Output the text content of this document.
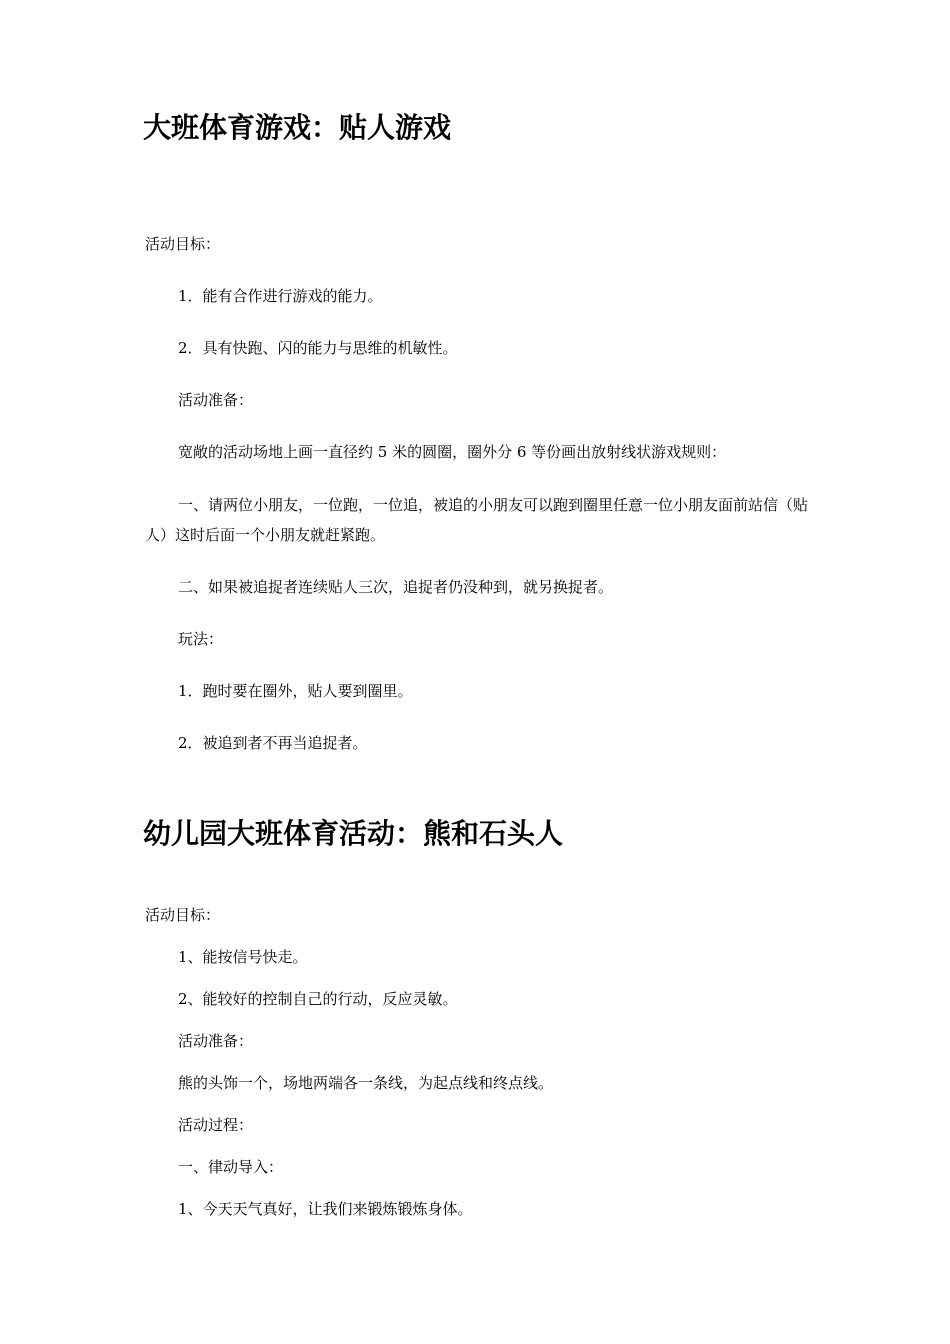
大班体育游戏：贴人游戏
活动目标：
1．能有合作进行游戏的能力。
2．具有快跑、闪的能力与思维的机敏性。
活动准备：
宽敞的活动场地上画一直径约 5 米的圆圈，圈外分 6 等份画出放射线状游戏规则：
一、请两位小朋友，一位跑，一位追，被追的小朋友可以跑到圈里任意一位小朋友面前站信（贴人）这时后面一个小朋友就赶紧跑。
二、如果被追捉者连续贴人三次，追捉者仍没种到，就另换捉者。
玩法：
1．跑时要在圈外，贴人要到圈里。
2．被追到者不再当追捉者。
幼儿园大班体育活动：熊和石头人
活动目标：
1、能按信号快走。
2、能较好的控制自己的行动，反应灵敏。
活动准备：
熊的头饰一个，场地两端各一条线，为起点线和终点线。
活动过程：
一、律动导入：
1、今天天气真好，让我们来锻炼锻炼身体。
